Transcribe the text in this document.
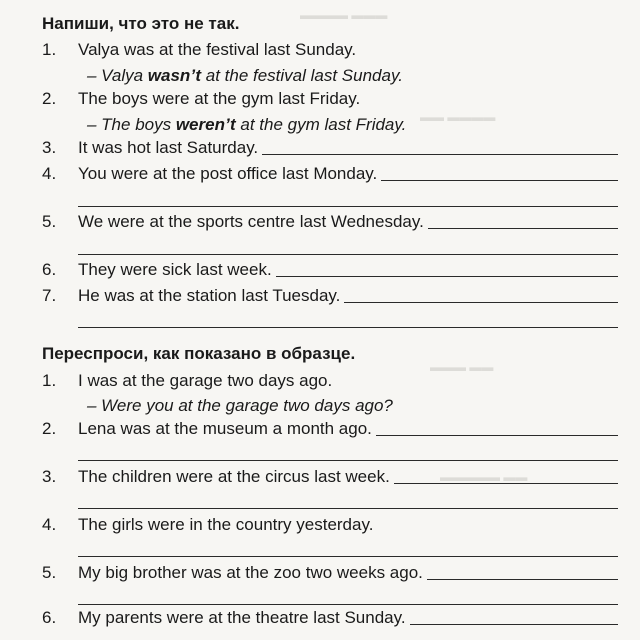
▬▬▬▬ ▬▬▬
▬▬ ▬▬▬▬
▬▬▬ ▬▬
▬▬▬▬▬ ▬▬
Напиши, что это не так.
1.	Valya was at the festival last Sunday.
– Valya wasn’t at the festival last Sunday.
2.	The boys were at the gym last Friday.
– The boys weren’t at the gym last Friday.
3.	It was hot last Saturday.
4.	You were at the post office last Monday.
5.	We were at the sports centre last Wednesday.
6.	They were sick last week.
7.	He was at the station last Tuesday.
Переспроси, как показано в образце.
1.	I was at the garage two days ago.
– Were you at the garage two days ago?
2.	Lena was at the museum a month ago.
3.	The children were at the circus last week.
4.	The girls were in the country yesterday.
5.	My big brother was at the zoo two weeks ago.
6.	My parents were at the theatre last Sunday.
